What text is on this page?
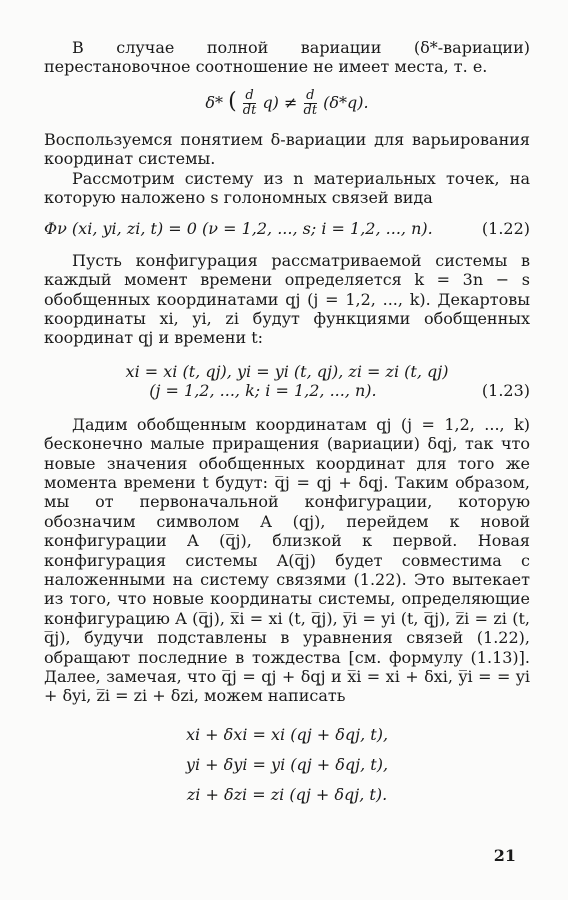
В случае полной вариации (δ*-вариации) перестановочное соотношение не имеет места, т. е.

δ* ( $\frac{d}{dt} q) \ne \frac{d}{dt} (\delta*q)$.

Воспользуемся понятием δ-вариации для варьирования координат системы.

Рассмотрим систему из n материальных точек, на которую наложено s голономных связей вида

Φν (xi, yi, zi, t) = 0 (ν = 1,2, ..., s; i = 1,2, ..., n).	(1.22)

Пусть конфигурация рассматриваемой системы в каждый момент времени определяется k = 3n − s обобщенных координатами qj (j = 1,2, ..., k). Декартовы координаты xi, yi, zi будут функциями обобщенных координат qj и времени t:

xi = xi (t, qj), yi = yi (t, qj), zi = zi (t, qj)
(j = 1,2, ..., k; i = 1,2, ..., n).	(1.23)

Дадим обобщенным координатам qj (j = 1,2, ..., k) бесконечно малые приращения (вариации) δqj, так что новые значения обобщенных координат для того же момента времени t будут: q̅j = qj + δqj. Таким образом, мы от первоначальной конфигурации, которую обозначим символом A (qj), перейдем к новой конфигурации A (q̅j), близкой к первой. Новая конфигурация системы A(q̅j) будет совместима с наложенными на систему связями (1.22). Это вытекает из того, что новые координаты системы, определяющие конфигурацию A (q̅j), x̅i = xi (t, q̅j), y̅i = yi (t, q̅j), z̅i = zi (t, q̅j), будучи подставлены в уравнения связей (1.22), обращают последние в тождества [см. формулу (1.13)]. Далее, замечая, что q̅j = qj + δqj и x̅i = xi + δxi, y̅i = = yi + δyi, z̅i = zi + δzi, можем написать

xi + δxi = xi (qj + δqj, t),
yi + δyi = yi (qj + δqj, t),
zi + δzi = zi (qj + δqj, t).
21
